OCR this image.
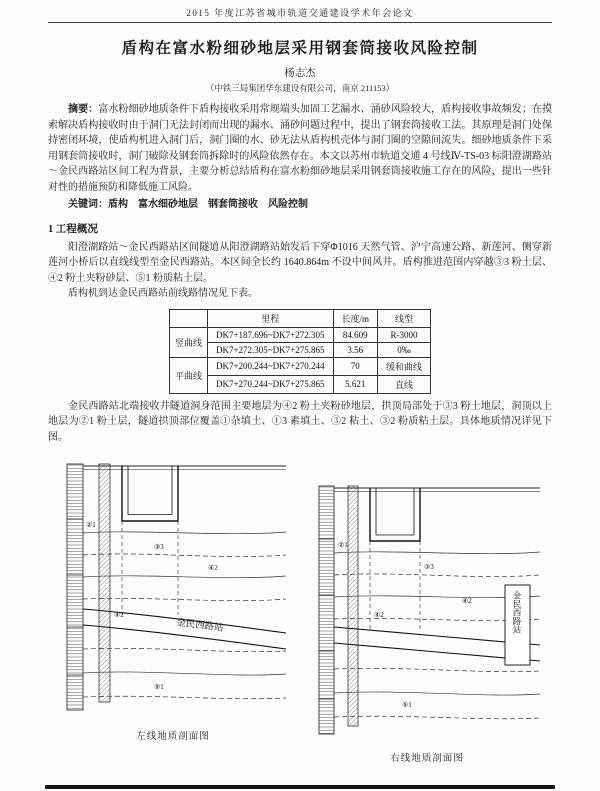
2015 年度江苏省城市轨道交通建设学术年会论文
盾构在富水粉细砂地层采用钢套筒接收风险控制
杨志杰
（中铁三局集团华东建设有限公司，南京 211153）

摘要：富水粉细砂地质条件下盾构接收采用常规端头加固工艺漏水、涌砂风险较大，盾构接收事故频发；在摸索解决盾构接收时由于洞门无法封闭而出现的漏水、涌砂问题过程中，提出了钢套筒接收工法。其原理是洞门处保持密闭环境，使盾构机进入洞门后，洞门圈的水、砂无法从盾构机壳体与洞门圈的空隙间流失。细砂地质条件下采用钢套筒接收时，洞门破除及钢套筒拆除时的风险依然存在。本文以苏州市轨道交通 4 号线Ⅳ-TS-03 标阳澄湖路站～金民西路站区间工程为背景，主要分析总结盾构在富水粉细砂地层采用钢套筒接收施工存在的风险，提出一些针对性的措施预防和降低施工风险。

关键词：盾构　富水细砂地层　钢套筒接收　风险控制

1 工程概况

阳澄湖路站～金民西路站区间隧道从阳澄湖路站始发后下穿Φ1016 天然气管、沪宁高速公路、新莲河、侧穿新莲河小桥后以直线线型至金民西路站。本区间全长约 1640.864m 不设中间风井。盾构推进范围内穿越③3 粉土层、④2 粉土夹粉砂层、⑤1 粉质粘土层。

盾构机到达金民西路站前线路情况见下表。

	里程	长度/m	线型
竖曲线	DK7+187.696~DK7+272.305	84.609	R-3000
	DK7+272.305~DK7+275.865	3.56	0‰
平曲线	DK7+200.244~DK7+270.244	70	缓和曲线
	DK7+270.244~DK7+275.865	5.621	直线

金民西路站北端接收井隧道洞身范围主要地层为④2 粉土夹粉砂地层，拱顶局部处于③3 粉土地层，洞顶以上地层为②1 粉土层，隧道拱顶部位覆盖①杂填土、①3 素填土、③2 粘土、③2 粉质粘土层。具体地质情况详见下图。

金民西路站
②1
③3
④2
④2
⑤1
左线地质剖面图
金民西路站
②1
③3
④2
④2
⑤1
右线地质剖面图
